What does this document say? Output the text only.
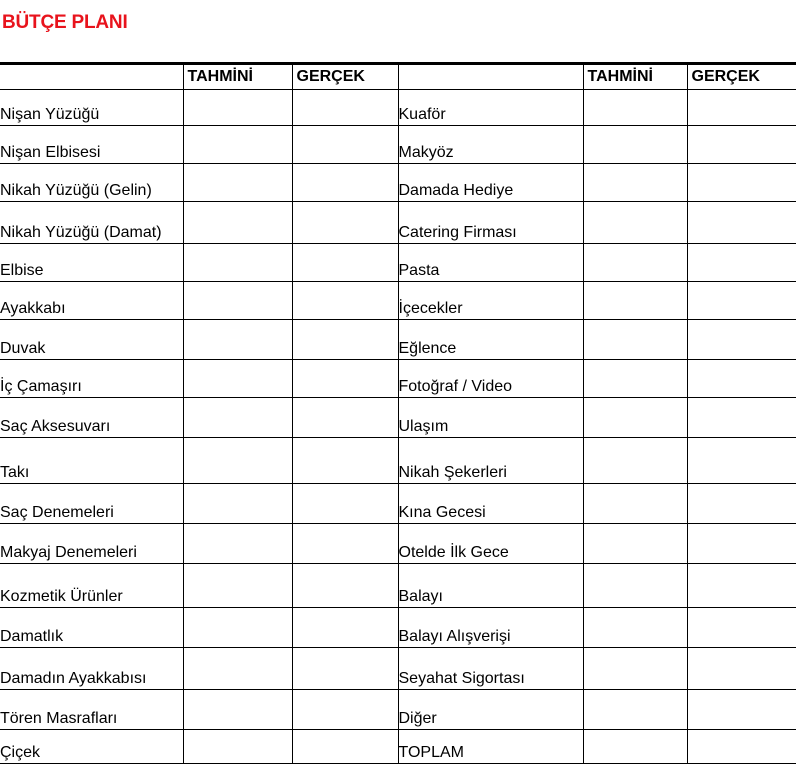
BÜTÇE PLANI
	TAHMİNİ	GERÇEK		TAHMİNİ	GERÇEK
Nişan Yüzüğü			Kuaför		
Nişan Elbisesi			Makyöz		
Nikah Yüzüğü (Gelin)			Damada Hediye		
Nikah Yüzüğü (Damat)			Catering Firması		
Elbise			Pasta		
Ayakkabı			İçecekler		
Duvak			Eğlence		
İç Çamaşırı			Fotoğraf / Video		
Saç Aksesuvarı			Ulaşım		
Takı			Nikah Şekerleri		
Saç Denemeleri			Kına Gecesi		
Makyaj Denemeleri			Otelde İlk Gece		
Kozmetik Ürünler			Balayı		
Damatlık			Balayı Alışverişi		
Damadın Ayakkabısı			Seyahat Sigortası		
Tören Masrafları			Diğer		
Çiçek			TOPLAM		
